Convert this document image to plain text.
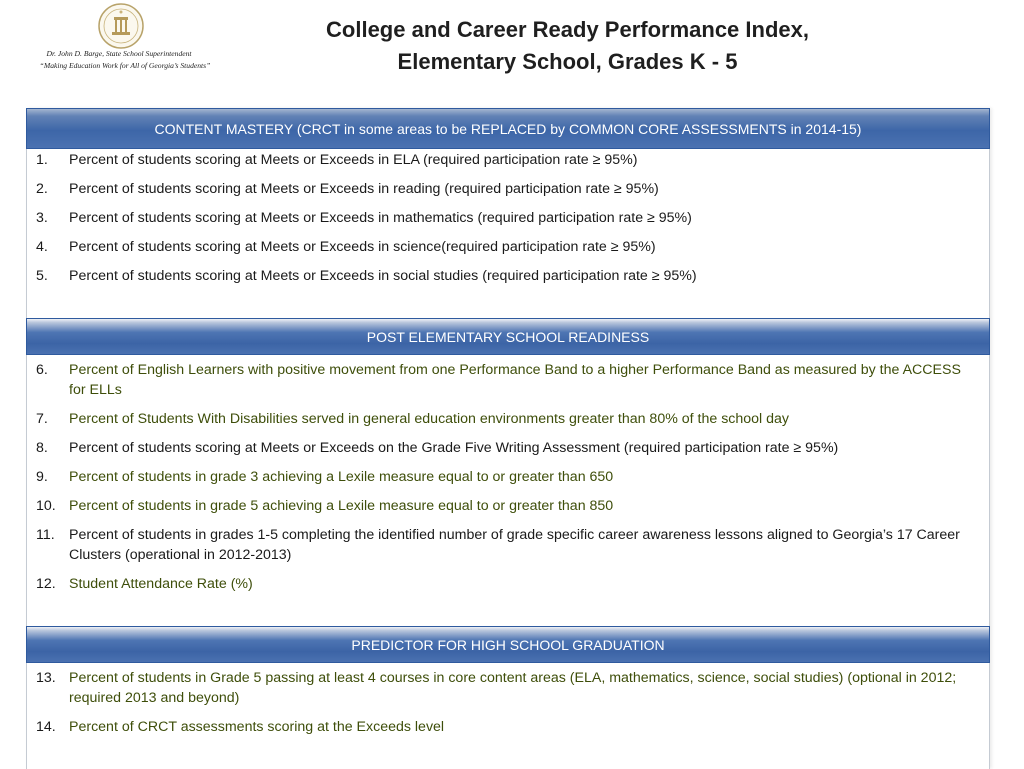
Dr. John D. Barge, State School Superintendent
“Making Education Work for All of Georgia’s Students”
College and Career Ready Performance Index,
Elementary School, Grades K - 5
CONTENT MASTERY (CRCT in some areas to be REPLACED by COMMON CORE ASSESSMENTS in 2014-15)
1.	Percent of students scoring at Meets or Exceeds in ELA (required participation rate ≥ 95%)
2.	Percent of students scoring at Meets or Exceeds in reading (required participation rate ≥ 95%)
3.	Percent of students scoring at Meets or Exceeds in mathematics (required participation rate ≥ 95%)
4.	Percent of students scoring at Meets or Exceeds in science(required participation rate ≥ 95%)
5.	Percent of students scoring at Meets or Exceeds in social studies (required participation rate ≥ 95%)
POST ELEMENTARY SCHOOL READINESS
6.	Percent of English Learners with positive movement from one Performance Band to a higher Performance Band as measured by the ACCESS for ELLs
7.	Percent of Students With Disabilities served in general education environments greater than 80% of the school day
8.	Percent of students scoring at Meets or Exceeds on the Grade Five Writing Assessment (required participation rate ≥ 95%)
9.	Percent of students in grade 3 achieving a Lexile measure equal to or greater than 650
10. Percent of students in grade 5 achieving a Lexile measure equal to or greater than 850
11.	Percent of students in grades 1-5 completing the identified number of grade specific career awareness lessons aligned to Georgia’s 17 Career Clusters (operational in 2012-2013)
12. Student Attendance Rate (%)
PREDICTOR FOR HIGH SCHOOL GRADUATION
13. Percent of students in Grade 5 passing at least 4 courses in core content areas (ELA, mathematics, science, social studies) (optional in 2012; required 2013 and beyond)
14. Percent of CRCT assessments scoring at the Exceeds level
